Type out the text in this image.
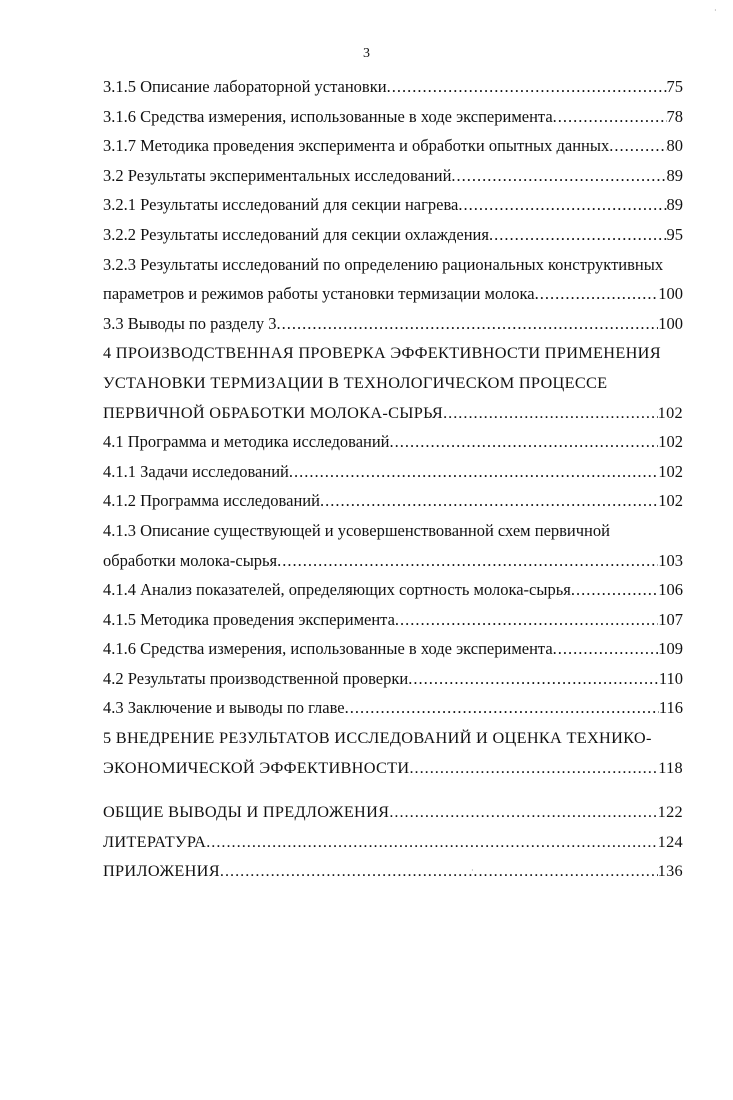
3
3.1.5 Описание лабораторной установки .....	75
3.1.6 Средства измерения, использованные в ходе эксперимента .....	78
3.1.7 Методика проведения эксперимента и обработки опытных данных .....	80
3.2 Результаты экспериментальных исследований .....	89
3.2.1 Результаты исследований для секции нагрева .....	89
3.2.2 Результаты исследований для секции охлаждения .....	95
3.2.3 Результаты исследований по определению рациональных конструктивных
параметров и режимов работы установки термизации молока .....	100
3.3 Выводы по разделу 3 .....	100
4 ПРОИЗВОДСТВЕННАЯ ПРОВЕРКА ЭФФЕКТИВНОСТИ ПРИМЕНЕНИЯ
УСТАНОВКИ ТЕРМИЗАЦИИ В ТЕХНОЛОГИЧЕСКОМ ПРОЦЕССЕ
ПЕРВИЧНОЙ ОБРАБОТКИ МОЛОКА-СЫРЬЯ .....	102
4.1 Программа и методика исследований .....	102
4.1.1 Задачи исследований .....	102
4.1.2 Программа исследований .....	102
4.1.3 Описание существующей и усовершенствованной схем первичной
обработки молока-сырья .....	103
4.1.4 Анализ показателей, определяющих сортность молока-сырья .....	106
4.1.5 Методика проведения эксперимента .....	107
4.1.6 Средства измерения, использованные в ходе эксперимента .....	109
4.2 Результаты производственной проверки .....	110
4.3 Заключение и выводы по главе .....	116
5 ВНЕДРЕНИЕ РЕЗУЛЬТАТОВ ИССЛЕДОВАНИЙ И ОЦЕНКА ТЕХНИКО-
ЭКОНОМИЧЕСКОЙ ЭФФЕКТИВНОСТИ .....	118
ОБЩИЕ ВЫВОДЫ И ПРЕДЛОЖЕНИЯ .....	122
ЛИТЕРАТУРА .....	124
ПРИЛОЖЕНИЯ .....	136
·
·
